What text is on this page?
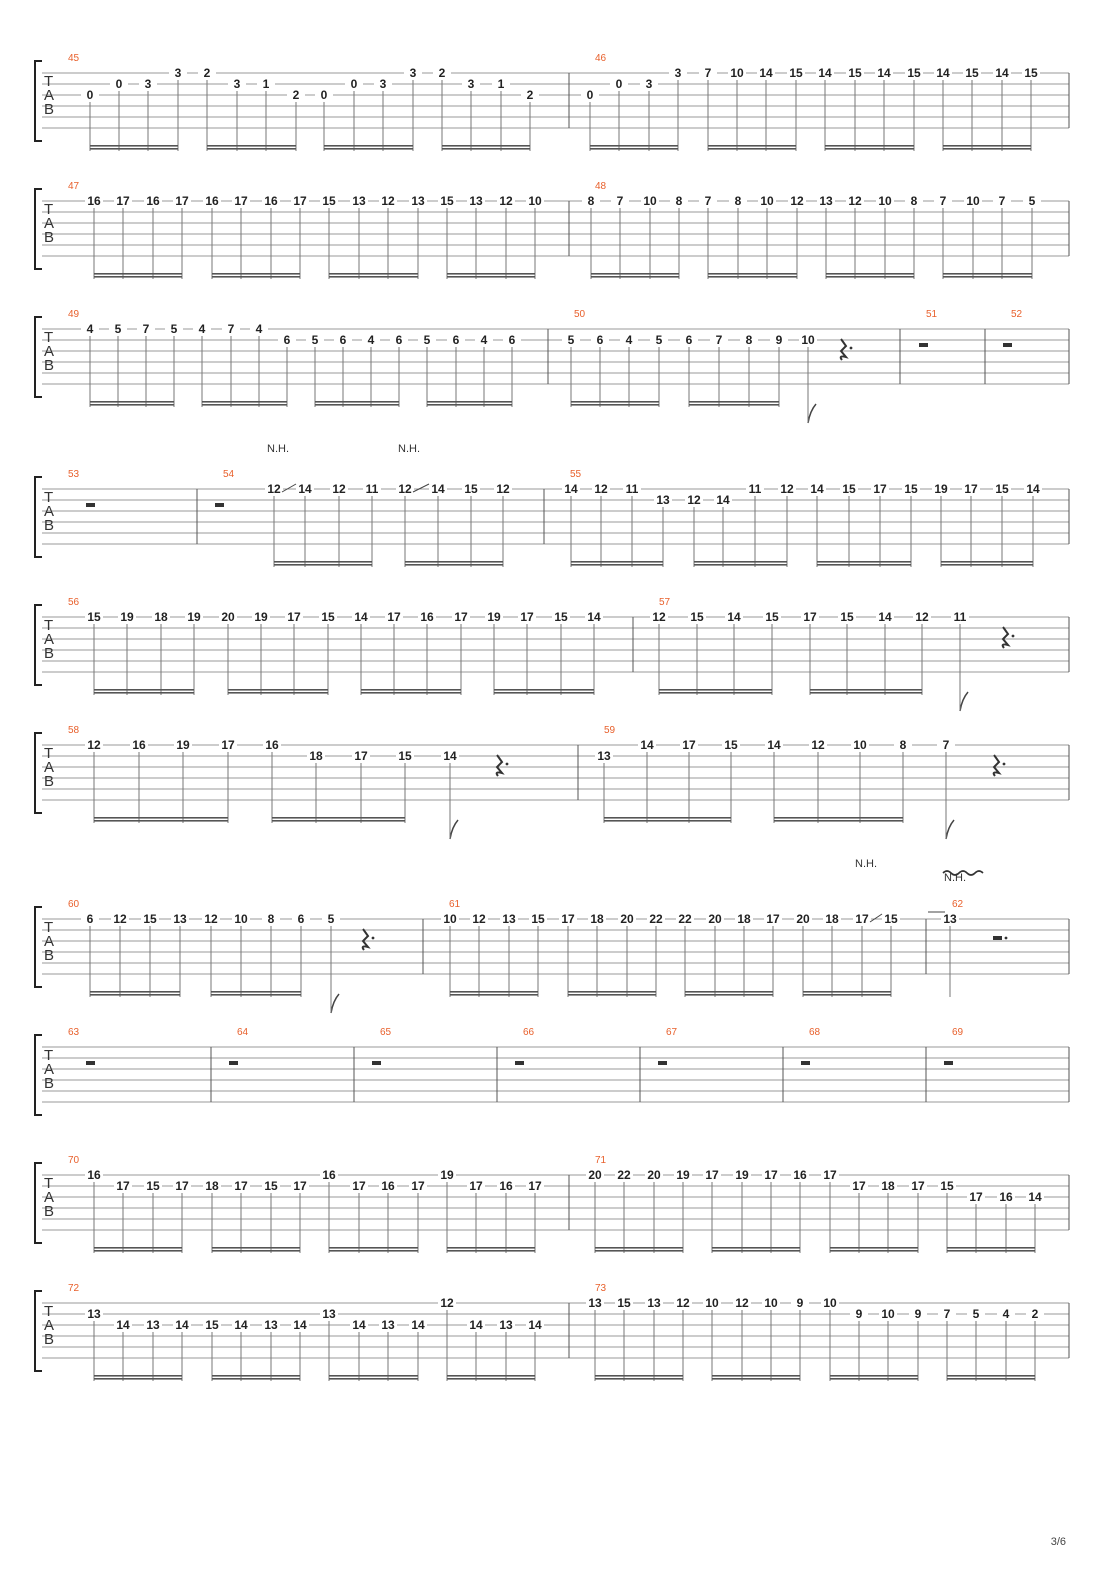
T
A
B
45
0
0 3
3 2
3 1
2 0
0 3
3 2
3 1
2
46
0
0 3
3 7 10 14 15 14 15 14 15 14 15 14 15
T
A
B
47
16 17 16 17 16 17 16 17 15 13 12 13 15 13 12 10
48
8 7 10 8 7 8 10 12 13 12 10 8 7 10 7 5
T
A
B
49
4 5 7 5 4 7 4
6 5 6 4 6 5 6 4 6
50
5 6 4 5 6 7 8 9 10
51	52
T
A
B
53	54
12 14 12 11 12 14 15 12
55
14 12 11
13 12 14
11 12 14 15 17 15 19 17 15 14
T
A
B
56
15 19 18 19 20 19 17 15 14 17 16 17 19 17 15 14
57
12 15 14 15 17 15 14 12 11
T
A
B
58
12	16	19	17	16
18	17	15	14
59
13
14 17 15 14	12 10	8	7
T
A
B
60
6 12 15 13 12 10 8 6 5
61
10 12 13 15 17 18 20 22 22 20 18 17 20 18 17 15
62
13
T
A
B
63	64	65	66	67	68	69
T
A
B
70
16
17 15 17 18 17 15 17
16
17 16 17
19
17 16 17
71
20 22 20 19 17 19 17 16 17
17 18 17 15
17 16 14
T
A
B
72
13
14 13 14 15 14 13 14
13
14 13 14
12
14 13 14
73
13 15 13 12 10 12 10 9 10
9 10 9 7 5 4 2
N.H.	N.H.
N.H.
N.H.
3/6
